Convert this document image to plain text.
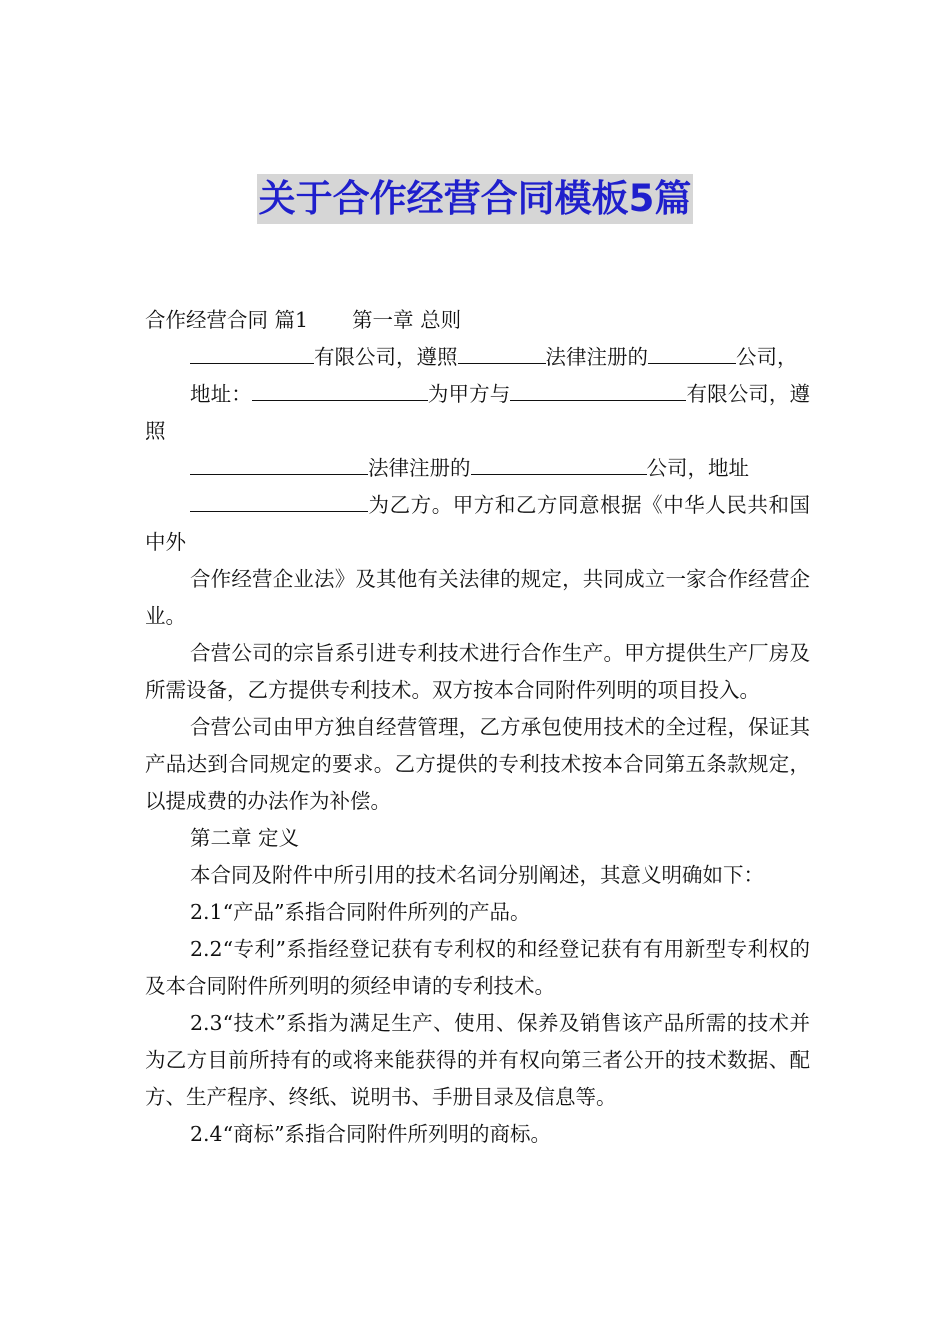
关于合作经营合同模板5篇

合作经营合同 篇1 第一章 总则

有限公司，遵照	法律注册的	公司，

地址：	为甲方与	有限公司，遵照

法律注册的	公司，地址

为乙方。甲方和乙方同意根据《中华人民共和国中外

合作经营企业法》及其他有关法律的规定，共同成立一家合作经营企业。

合营公司的宗旨系引进专利技术进行合作生产。甲方提供生产厂房及所需设备，乙方提供专利技术。双方按本合同附件列明的项目投入。

合营公司由甲方独自经营管理，乙方承包使用技术的全过程，保证其产品达到合同规定的要求。乙方提供的专利技术按本合同第五条款规定，以提成费的办法作为补偿。

第二章 定义

本合同及附件中所引用的技术名词分别阐述，其意义明确如下：

2.1“产品”系指合同附件所列的产品。

2.2“专利”系指经登记获有专利权的和经登记获有有用新型专利权的及本合同附件所列明的须经申请的专利技术。

2.3“技术”系指为满足生产、使用、保养及销售该产品所需的技术并为乙方目前所持有的或将来能获得的并有权向第三者公开的技术数据、配方、生产程序、终纸、说明书、手册目录及信息等。

2.4“商标”系指合同附件所列明的商标。
